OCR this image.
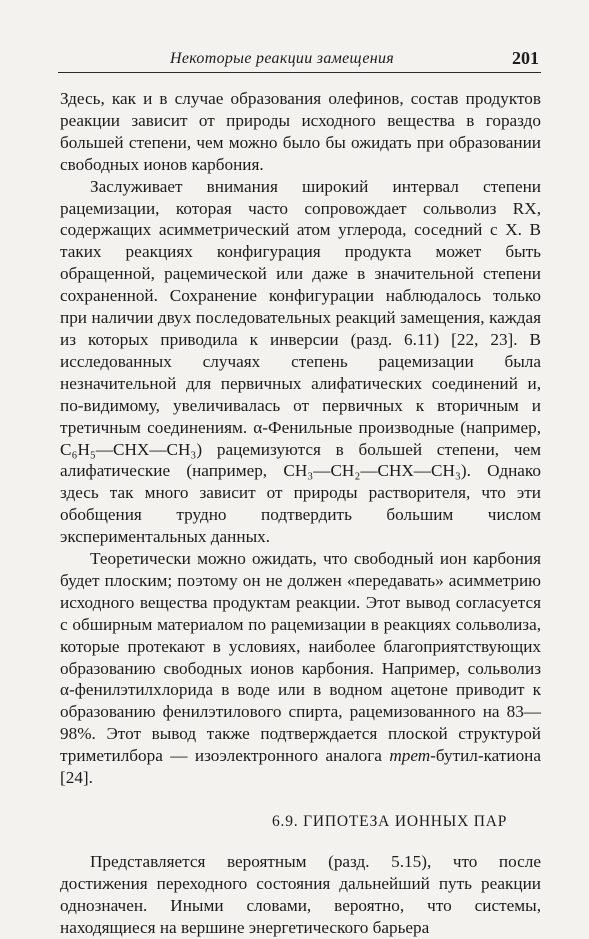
Некоторые реакции замещения	201

Здесь, как и в случае образования олефинов, состав продуктов реакции зависит от природы исходного вещества в гораздо большей степени, чем можно было бы ожидать при образовании свободных ионов карбония.

Заслуживает внимания широкий интервал степени рацемизации, которая часто сопровождает сольволиз RX, содержащих асимметрический атом углерода, соседний с X. В таких реакциях конфигурация продукта может быть обращенной, рацемической или даже в значительной степени сохраненной. Сохранение конфигурации наблюдалось только при наличии двух последовательных реакций замещения, каждая из которых приводила к инверсии (разд. 6.11) [22, 23]. В исследованных случаях степень рацемизации была незначительной для первичных алифатических соединений и, по-видимому, увеличивалась от первичных к вторичным и третичным соединениям. α-Фенильные производные (например, C₆H₅—CHX—CH₃) рацемизуются в большей степени, чем алифатические (например, CH₃—CH₂—CHX—CH₃). Однако здесь так много зависит от природы растворителя, что эти обобщения трудно подтвердить большим числом экспериментальных данных.

Теоретически можно ожидать, что свободный ион карбония будет плоским; поэтому он не должен «передавать» асимметрию исходного вещества продуктам реакции. Этот вывод согласуется с обширным материалом по рацемизации в реакциях сольволиза, которые протекают в условиях, наиболее благоприятствующих образованию свободных ионов карбония. Например, сольволиз α-фенилэтилхлорида в воде или в водном ацетоне приводит к образованию фенилэтилового спирта, рацемизованного на 83—98%. Этот вывод также подтверждается плоской структурой триметилбора — изоэлектронного аналога трет-бутил-катиона [24].

6.9. ГИПОТЕЗА ИОННЫХ ПАР

Представляется вероятным (разд. 5.15), что после достижения переходного состояния дальнейший путь реакции однозначен. Иными словами, вероятно, что системы, находящиеся на вершине энергетического барьера
